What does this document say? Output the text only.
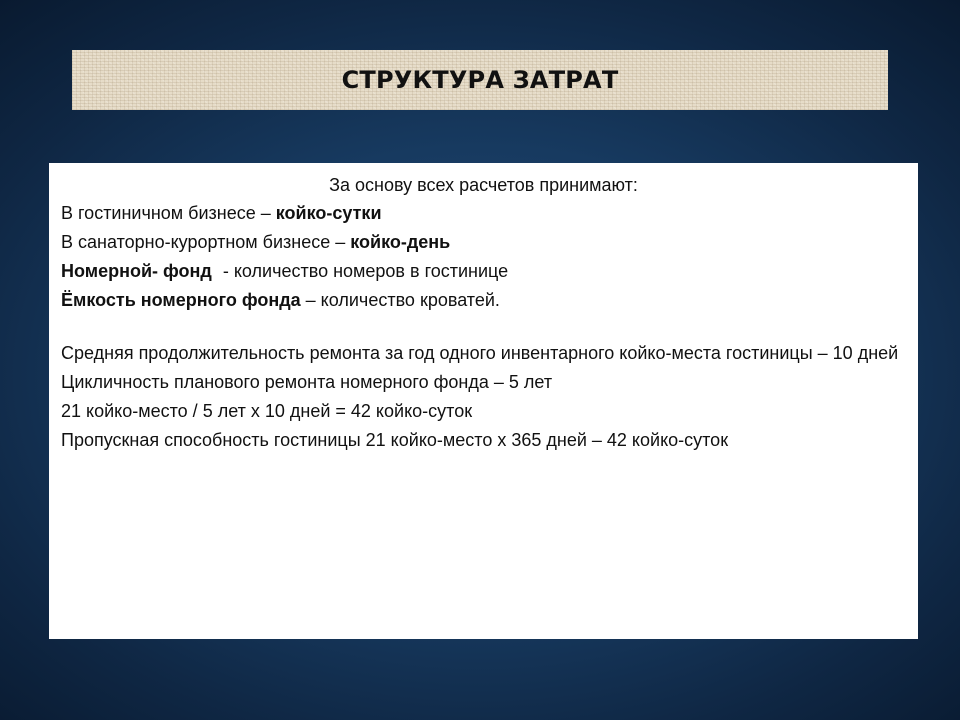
СТРУКТУРА ЗАТРАТ
За основу всех расчетов принимают:
В гостиничном бизнесе – койко-сутки
В санаторно-курортном бизнесе – койко-день
Номерной- фонд - количество номеров в гостинице
Ёмкость номерного фонда – количество кроватей.
Средняя продолжительность ремонта за год одного инвентарного койко-места гостиницы – 10 дней
Цикличность планового ремонта номерного фонда – 5 лет
21 койко-место / 5 лет х 10 дней = 42 койко-суток
Пропускная способность гостиницы 21 койко-место х 365 дней – 42 койко-суток
